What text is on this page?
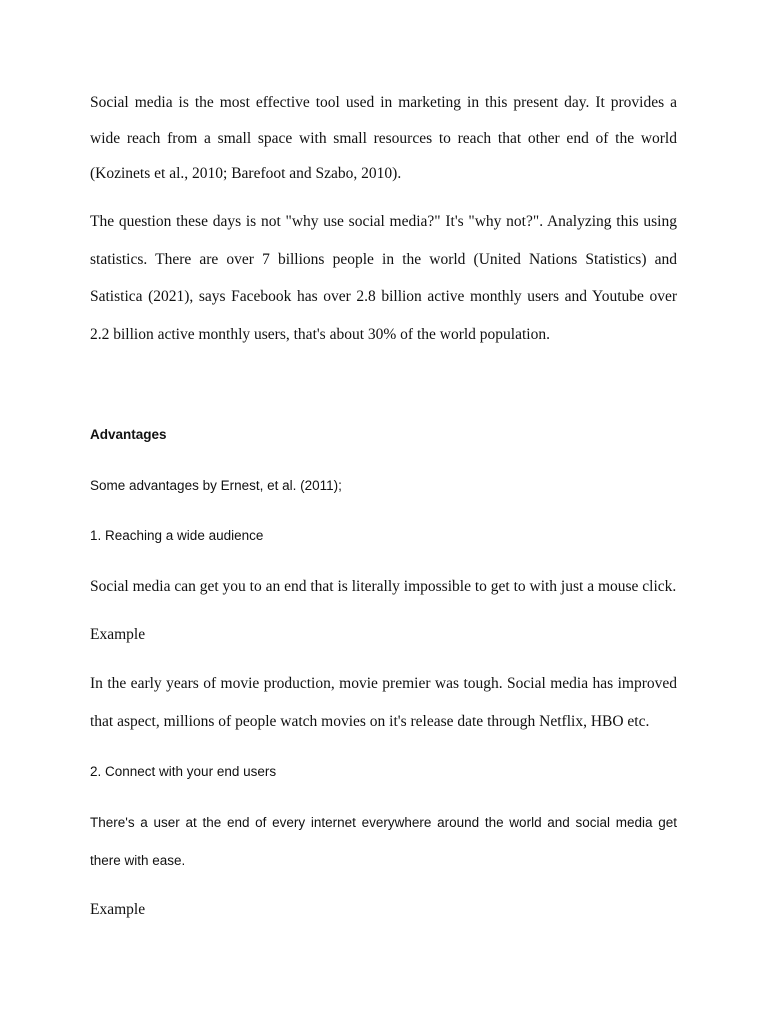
Social media is the most effective tool used in marketing in this present day. It provides a wide reach from a small space with small resources to reach that other end of the world (Kozinets et al., 2010; Barefoot and Szabo, 2010).

The question these days is not "why use social media?" It's "why not?". Analyzing this using statistics. There are over 7 billions people in the world (United Nations Statistics) and Satistica (2021), says Facebook has over 2.8 billion active monthly users and Youtube over 2.2 billion active monthly users, that's about 30% of the world population.

Advantages
Some advantages by Ernest, et al. (2011);
1. Reaching a wide audience
Social media can get you to an end that is literally impossible to get to with just a mouse click.
Example

In the early years of movie production, movie premier was tough. Social media has improved that aspect, millions of people watch movies on it's release date through Netflix, HBO etc.

2. Connect with your end users

There's a user at the end of every internet everywhere around the world and social media get there with ease.

Example
